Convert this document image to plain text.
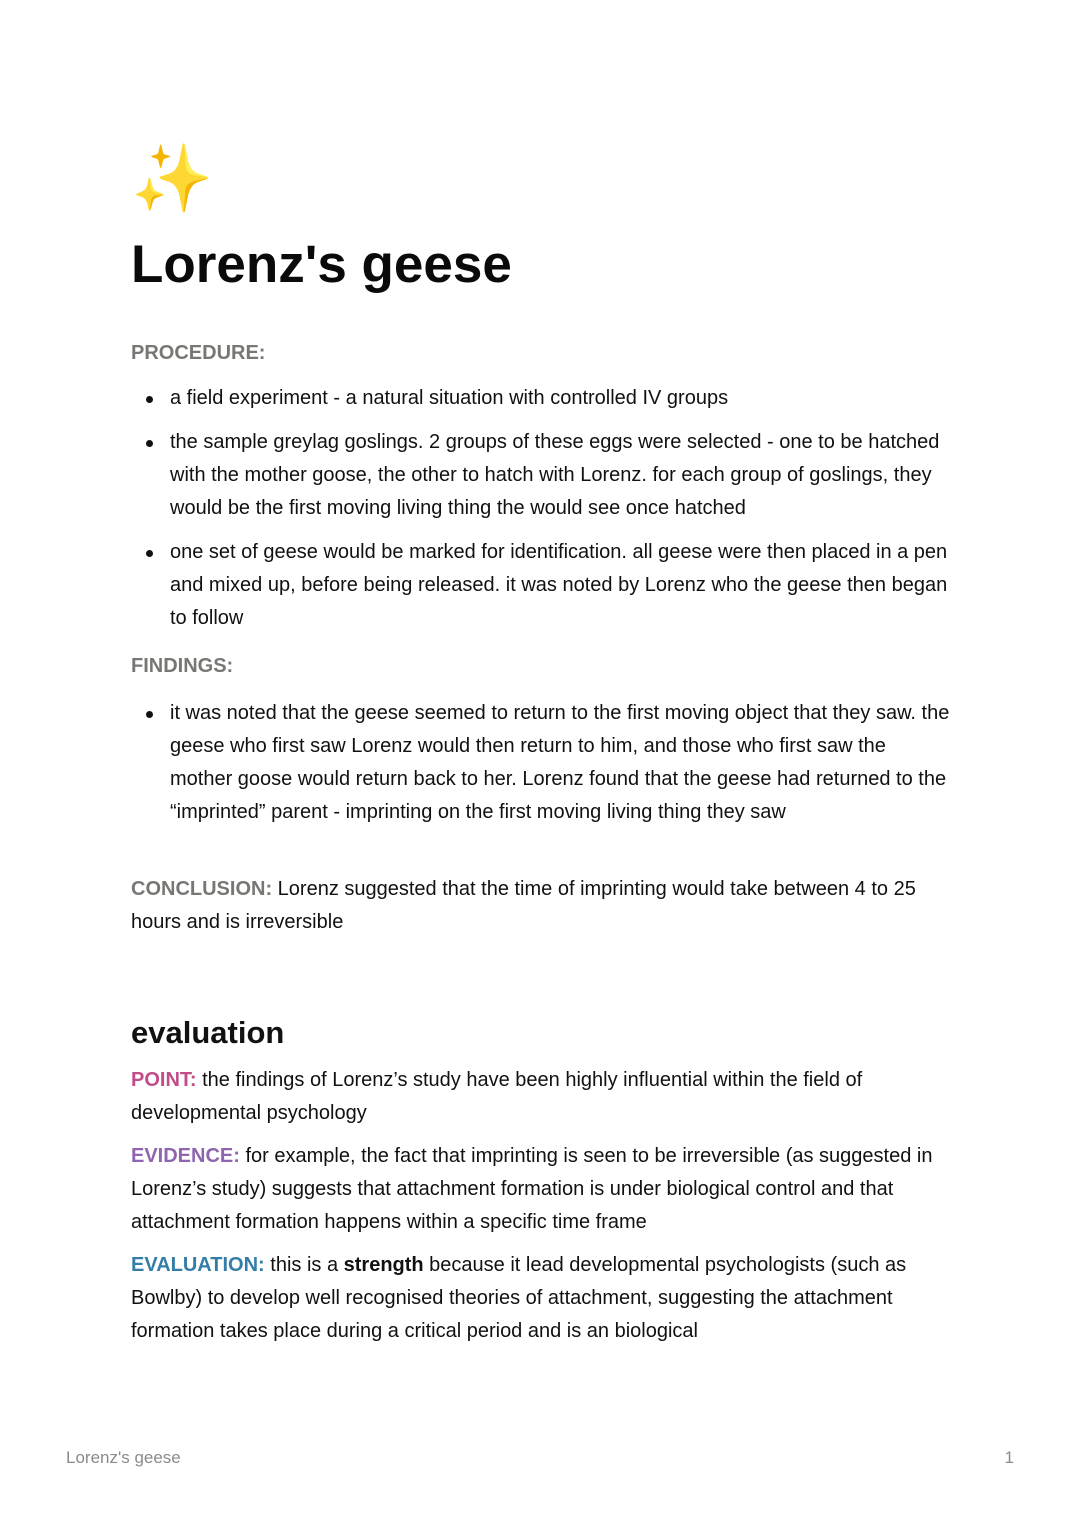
✨
Lorenz's geese

PROCEDURE:

a field experiment - a natural situation with controlled IV groups
the sample greylag goslings. 2 groups of these eggs were selected - one to be hatched with the mother goose, the other to hatch with Lorenz. for each group of goslings, they would be the first moving living thing the would see once hatched
one set of geese would be marked for identification. all geese were then placed in a pen and mixed up, before being released. it was noted by Lorenz who the geese then began to follow

FINDINGS:

it was noted that the geese seemed to return to the first moving object that they saw. the geese who first saw Lorenz would then return to him, and those who first saw the mother goose would return back to her. Lorenz found that the geese had returned to the “imprinted” parent - imprinting on the first moving living thing they saw

CONCLUSION: Lorenz suggested that the time of imprinting would take between 4 to 25 hours and is irreversible

evaluation

POINT: the findings of Lorenz’s study have been highly influential within the field of developmental psychology

EVIDENCE: for example, the fact that imprinting is seen to be irreversible (as suggested in Lorenz’s study) suggests that attachment formation is under biological control and that attachment formation happens within a specific time frame

EVALUATION: this is a strength because it lead developmental psychologists (such as Bowlby) to develop well recognised theories of attachment, suggesting the attachment formation takes place during a critical period and is an biological

Lorenz's geese	1
